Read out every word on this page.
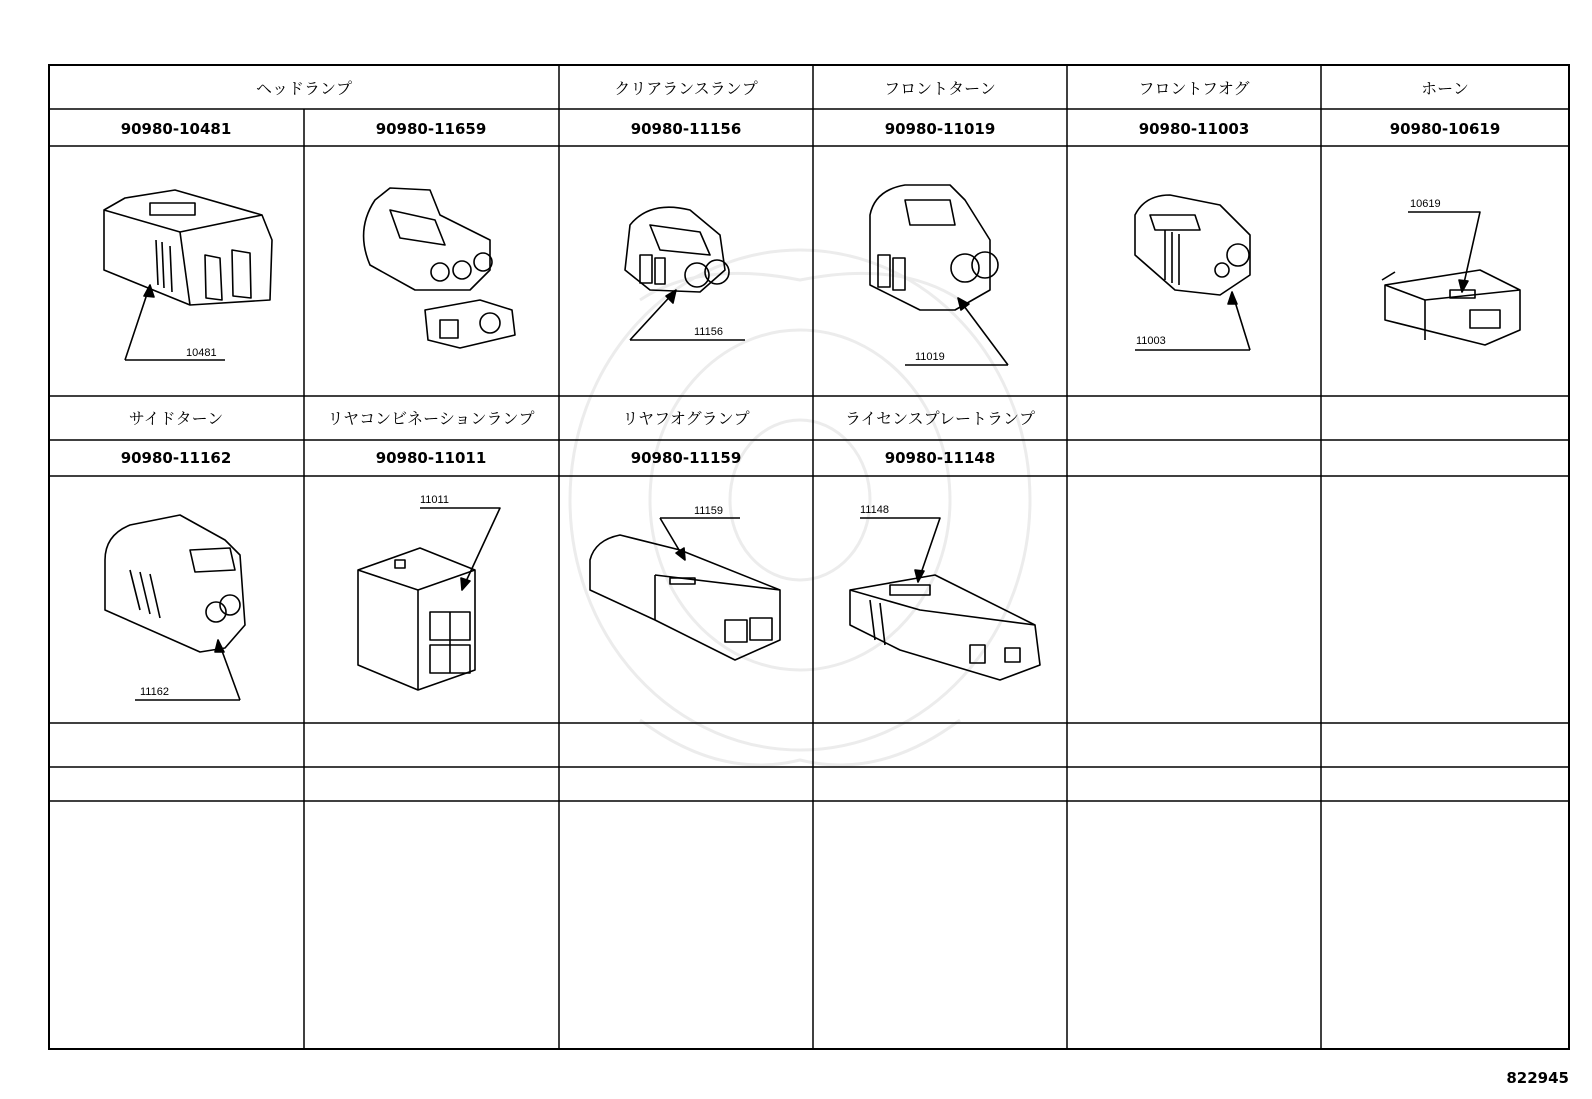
ヘッドランプ	クリアランスランプ	フロントターン	フロントフオグ	ホーン
90980-10481	90980-11659	90980-11156	90980-11019	90980-11003	90980-10619
サイドターン	リヤコンビネーションランプ	リヤフオグランプ	ライセンスプレートランプ
90980-11162	90980-11011	90980-11159	90980-11148
10481
11156
11019
11003
10619
11162
11011
11159	11148
822945
